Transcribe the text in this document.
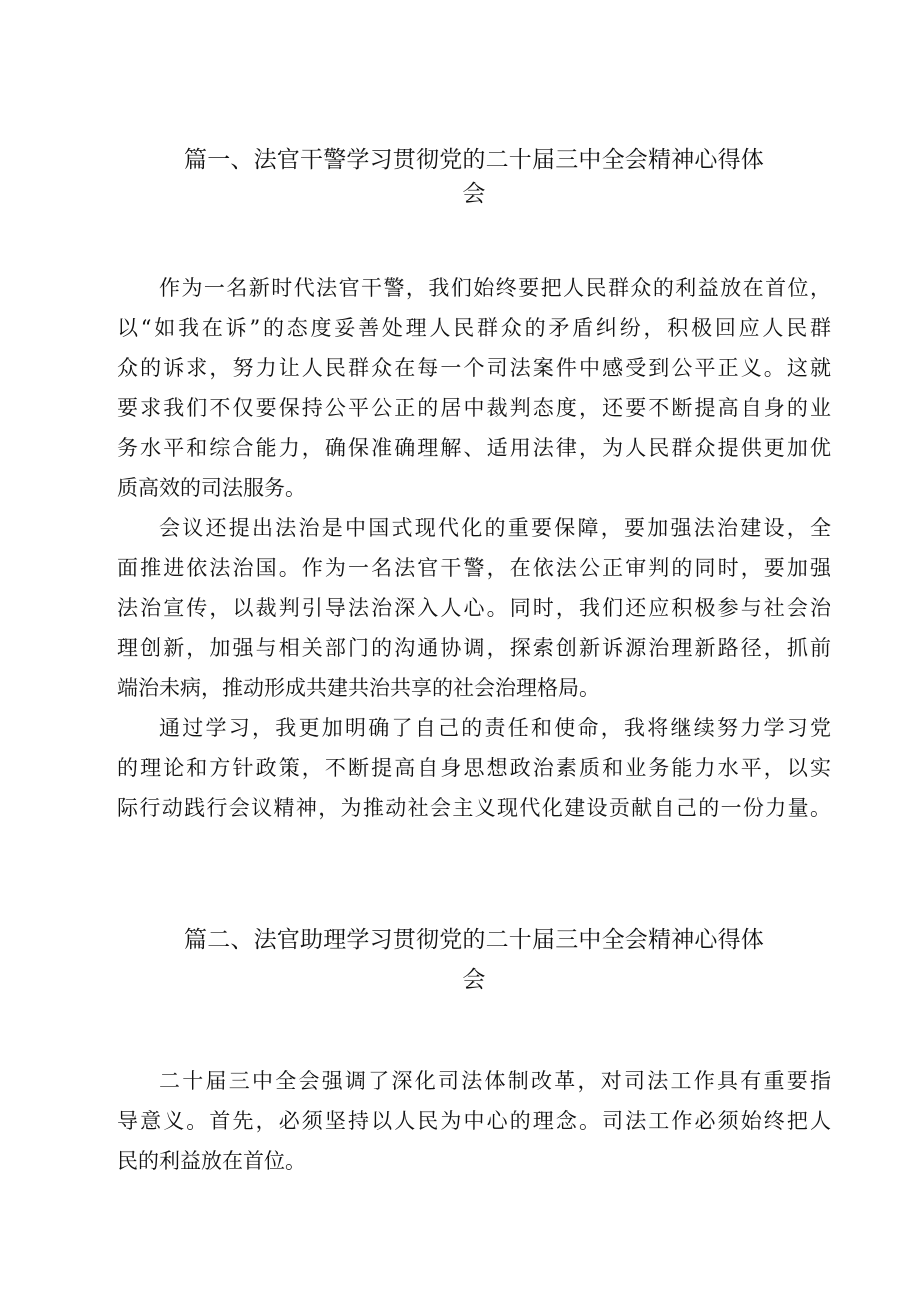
篇一、法官干警学习贯彻党的二十届三中全会精神心得体
会
作为一名新时代法官干警，我们始终要把人民群众的利益放在首位，
以“如我在诉”的态度妥善处理人民群众的矛盾纠纷，积极回应人民群
众的诉求，努力让人民群众在每一个司法案件中感受到公平正义。这就
要求我们不仅要保持公平公正的居中裁判态度，还要不断提高自身的业
务水平和综合能力，确保准确理解、适用法律，为人民群众提供更加优
质高效的司法服务。
会议还提出法治是中国式现代化的重要保障，要加强法治建设，全
面推进依法治国。作为一名法官干警，在依法公正审判的同时，要加强
法治宣传，以裁判引导法治深入人心。同时，我们还应积极参与社会治
理创新，加强与相关部门的沟通协调，探索创新诉源治理新路径，抓前
端治未病，推动形成共建共治共享的社会治理格局。
通过学习，我更加明确了自己的责任和使命，我将继续努力学习党
的理论和方针政策，不断提高自身思想政治素质和业务能力水平，以实
际行动践行会议精神，为推动社会主义现代化建设贡献自己的一份力量。
篇二、法官助理学习贯彻党的二十届三中全会精神心得体
会
二十届三中全会强调了深化司法体制改革，对司法工作具有重要指
导意义。首先，必须坚持以人民为中心的理念。司法工作必须始终把人
民的利益放在首位。
